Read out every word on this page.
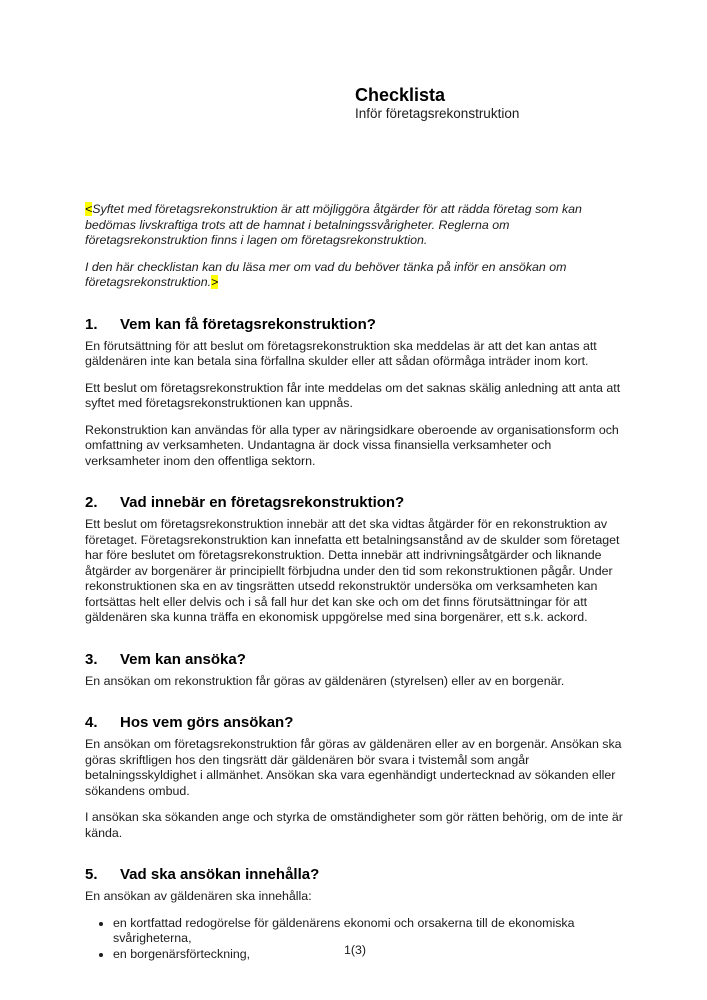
Checklista
Inför företagsrekonstruktion

<Syftet med företagsrekonstruktion är att möjliggöra åtgärder för att rädda företag som kan bedömas livskraftiga trots att de hamnat i betalningssvårigheter. Reglerna om företagsrekonstruktion finns i lagen om företagsrekonstruktion.

I den här checklistan kan du läsa mer om vad du behöver tänka på inför en ansökan om företagsrekonstruktion.>

1.	Vem kan få företagsrekonstruktion?

En förutsättning för att beslut om företagsrekonstruktion ska meddelas är att det kan antas att gäldenären inte kan betala sina förfallna skulder eller att sådan oförmåga inträder inom kort.

Ett beslut om företagsrekonstruktion får inte meddelas om det saknas skälig anledning att anta att syftet med företagsrekonstruktionen kan uppnås.

Rekonstruktion kan användas för alla typer av näringsidkare oberoende av organisationsform och omfattning av verksamheten. Undantagna är dock vissa finansiella verksamheter och verksamheter inom den offentliga sektorn.

2.	Vad innebär en företagsrekonstruktion?

Ett beslut om företagsrekonstruktion innebär att det ska vidtas åtgärder för en rekonstruktion av företaget. Företagsrekonstruktion kan innefatta ett betalningsanstånd av de skulder som företaget har före beslutet om företagsrekonstruktion. Detta innebär att indrivningsåtgärder och liknande åtgärder av borgenärer är principiellt förbjudna under den tid som rekonstruktionen pågår. Under rekonstruktionen ska en av tingsrätten utsedd rekonstruktör undersöka om verksamheten kan fortsättas helt eller delvis och i så fall hur det kan ske och om det finns förutsättningar för att gäldenären ska kunna träffa en ekonomisk uppgörelse med sina borgenärer, ett s.k. ackord.

3.	Vem kan ansöka?

En ansökan om rekonstruktion får göras av gäldenären (styrelsen) eller av en borgenär.

4.	Hos vem görs ansökan?

En ansökan om företagsrekonstruktion får göras av gäldenären eller av en borgenär. Ansökan ska göras skriftligen hos den tingsrätt där gäldenären bör svara i tvistemål som angår betalningsskyldighet i allmänhet. Ansökan ska vara egenhändigt undertecknad av sökanden eller sökandens ombud.

I ansökan ska sökanden ange och styrka de omständigheter som gör rätten behörig, om de inte är kända.

5.	Vad ska ansökan innehålla?

En ansökan av gäldenären ska innehålla:

• en kortfattad redogörelse för gäldenärens ekonomi och orsakerna till de ekonomiska svårigheterna,
• en borgenärsförteckning,	1(3)
